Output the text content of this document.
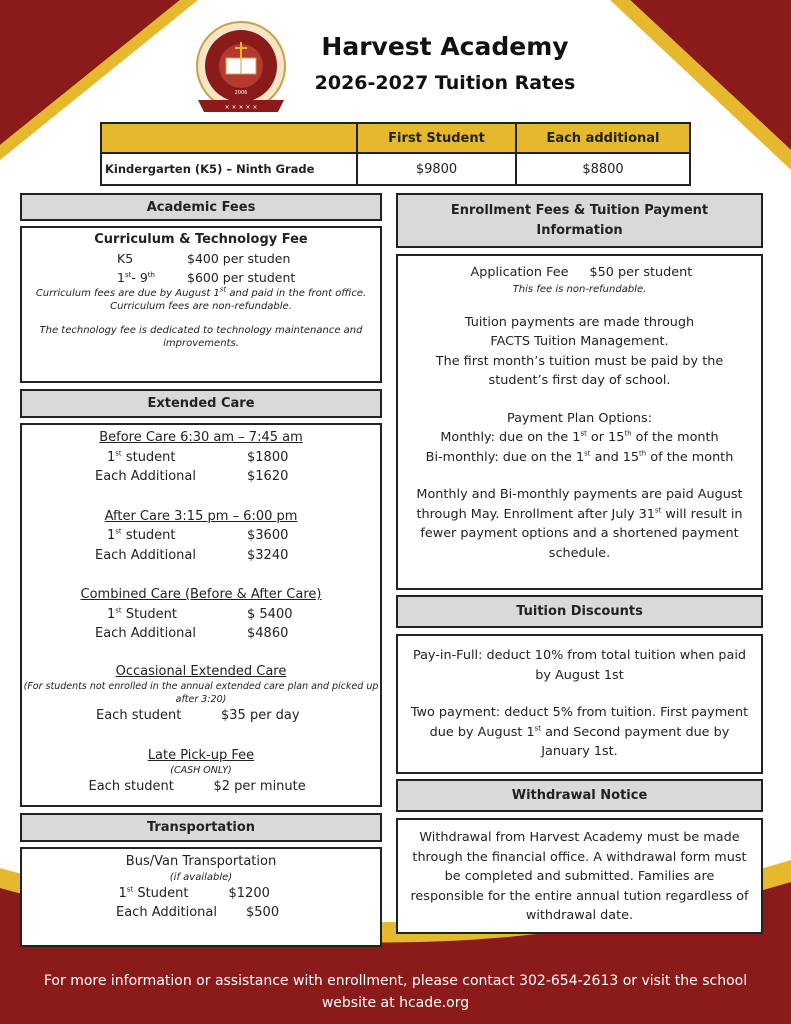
× × × × ×
2006
Harvest Academy
2026-2027 Tuition Rates
	First Student	Each additional
Kindergarten (K5) – Ninth Grade	$9800	$8800
Academic Fees
Curriculum & Technology Fee
K5	$400 per studen
1st- 9th	$600 per student
Curriculum fees are due by August 1st and paid in the front office.
Curriculum fees are non-refundable.
The technology fee is dedicated to technology maintenance and improvements.
Extended Care
Before Care 6:30 am – 7:45 am
1st student	$1800
Each Additional	$1620
After Care 3:15 pm – 6:00 pm
1st student	$3600
Each Additional	$3240
Combined Care (Before & After Care)
1st Student	$ 5400
Each Additional	$4860
Occasional Extended Care
(For students not enrolled in the annual extended care plan and picked up after 3:20)
Each student	$35 per day
Late Pick-up Fee
(CASH ONLY)
Each student	$2 per minute
Transportation
Bus/Van Transportation
(if available)
1st Student	$1200
Each Additional $500
Enrollment Fees & Tuition Payment Information
Application Fee $50 per student
This fee is non-refundable.
Tuition payments are made through FACTS Tuition Management.
The first month’s tuition must be paid by the student’s first day of school.
Payment Plan Options:
Monthly: due on the 1st or 15th of the month
Bi-monthly: due on the 1st and 15th of the month
Monthly and Bi-monthly payments are paid August through May. Enrollment after July 31st will result in fewer payment options and a shortened payment schedule.
Tuition Discounts
Pay-in-Full: deduct 10% from total tuition when paid by August 1st
Two payment: deduct 5% from tuition. First payment due by August 1st and Second payment due by January 1st.
Withdrawal Notice
Withdrawal from Harvest Academy must be made through the financial office. A withdrawal form must be completed and submitted. Families are responsible for the entire annual tution regardless of withdrawal date.
For more information or assistance with enrollment, please contact 302-654-2613 or visit the school website at hcade.org
